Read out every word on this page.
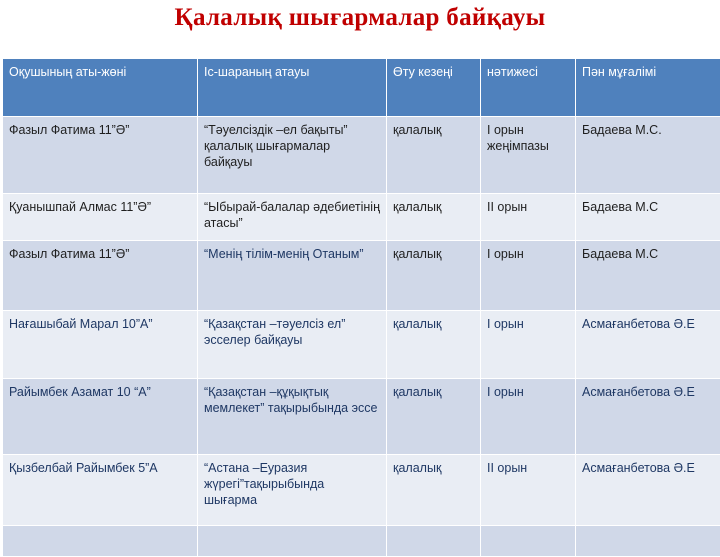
Қалалық шығармалар байқауы
Оқушының аты-жөні	Іс-шараның атауы	Өту кезеңі	нәтижесі	Пән мұғалімі
Фазыл Фатима 11”Ә”	“Тәуелсіздік –ел бақыты” қалалық шығармалар байқауы	қалалық	І орын жеңімпазы	Бадаева М.С.
Қуанышпай Алмас 11”Ә”	“Ыбырай-балалар әдебиетінің атасы”	қалалық	ІІ орын	Бадаева М.С
Фазыл Фатима 11”Ә”	“Менің тілім-менің Отаным”	қалалық	І орын	Бадаева М.С
Нағашыбай Марал 10”А”	“Қазақстан –тәуелсіз ел” эсселер байқауы	қалалық	І орын	Асмағанбетова Ә.Е
Райымбек Азамат 10 “А”	“Қазақстан –құқықтық мемлекет” тақырыбында эссе	қалалық	І орын	Асмағанбетова Ә.Е
Қызбелбай Райымбек 5”А	“Астана –Еуразия жүрегі”тақырыбында шығарма	қалалық	ІІ орын	Асмағанбетова Ә.Е
